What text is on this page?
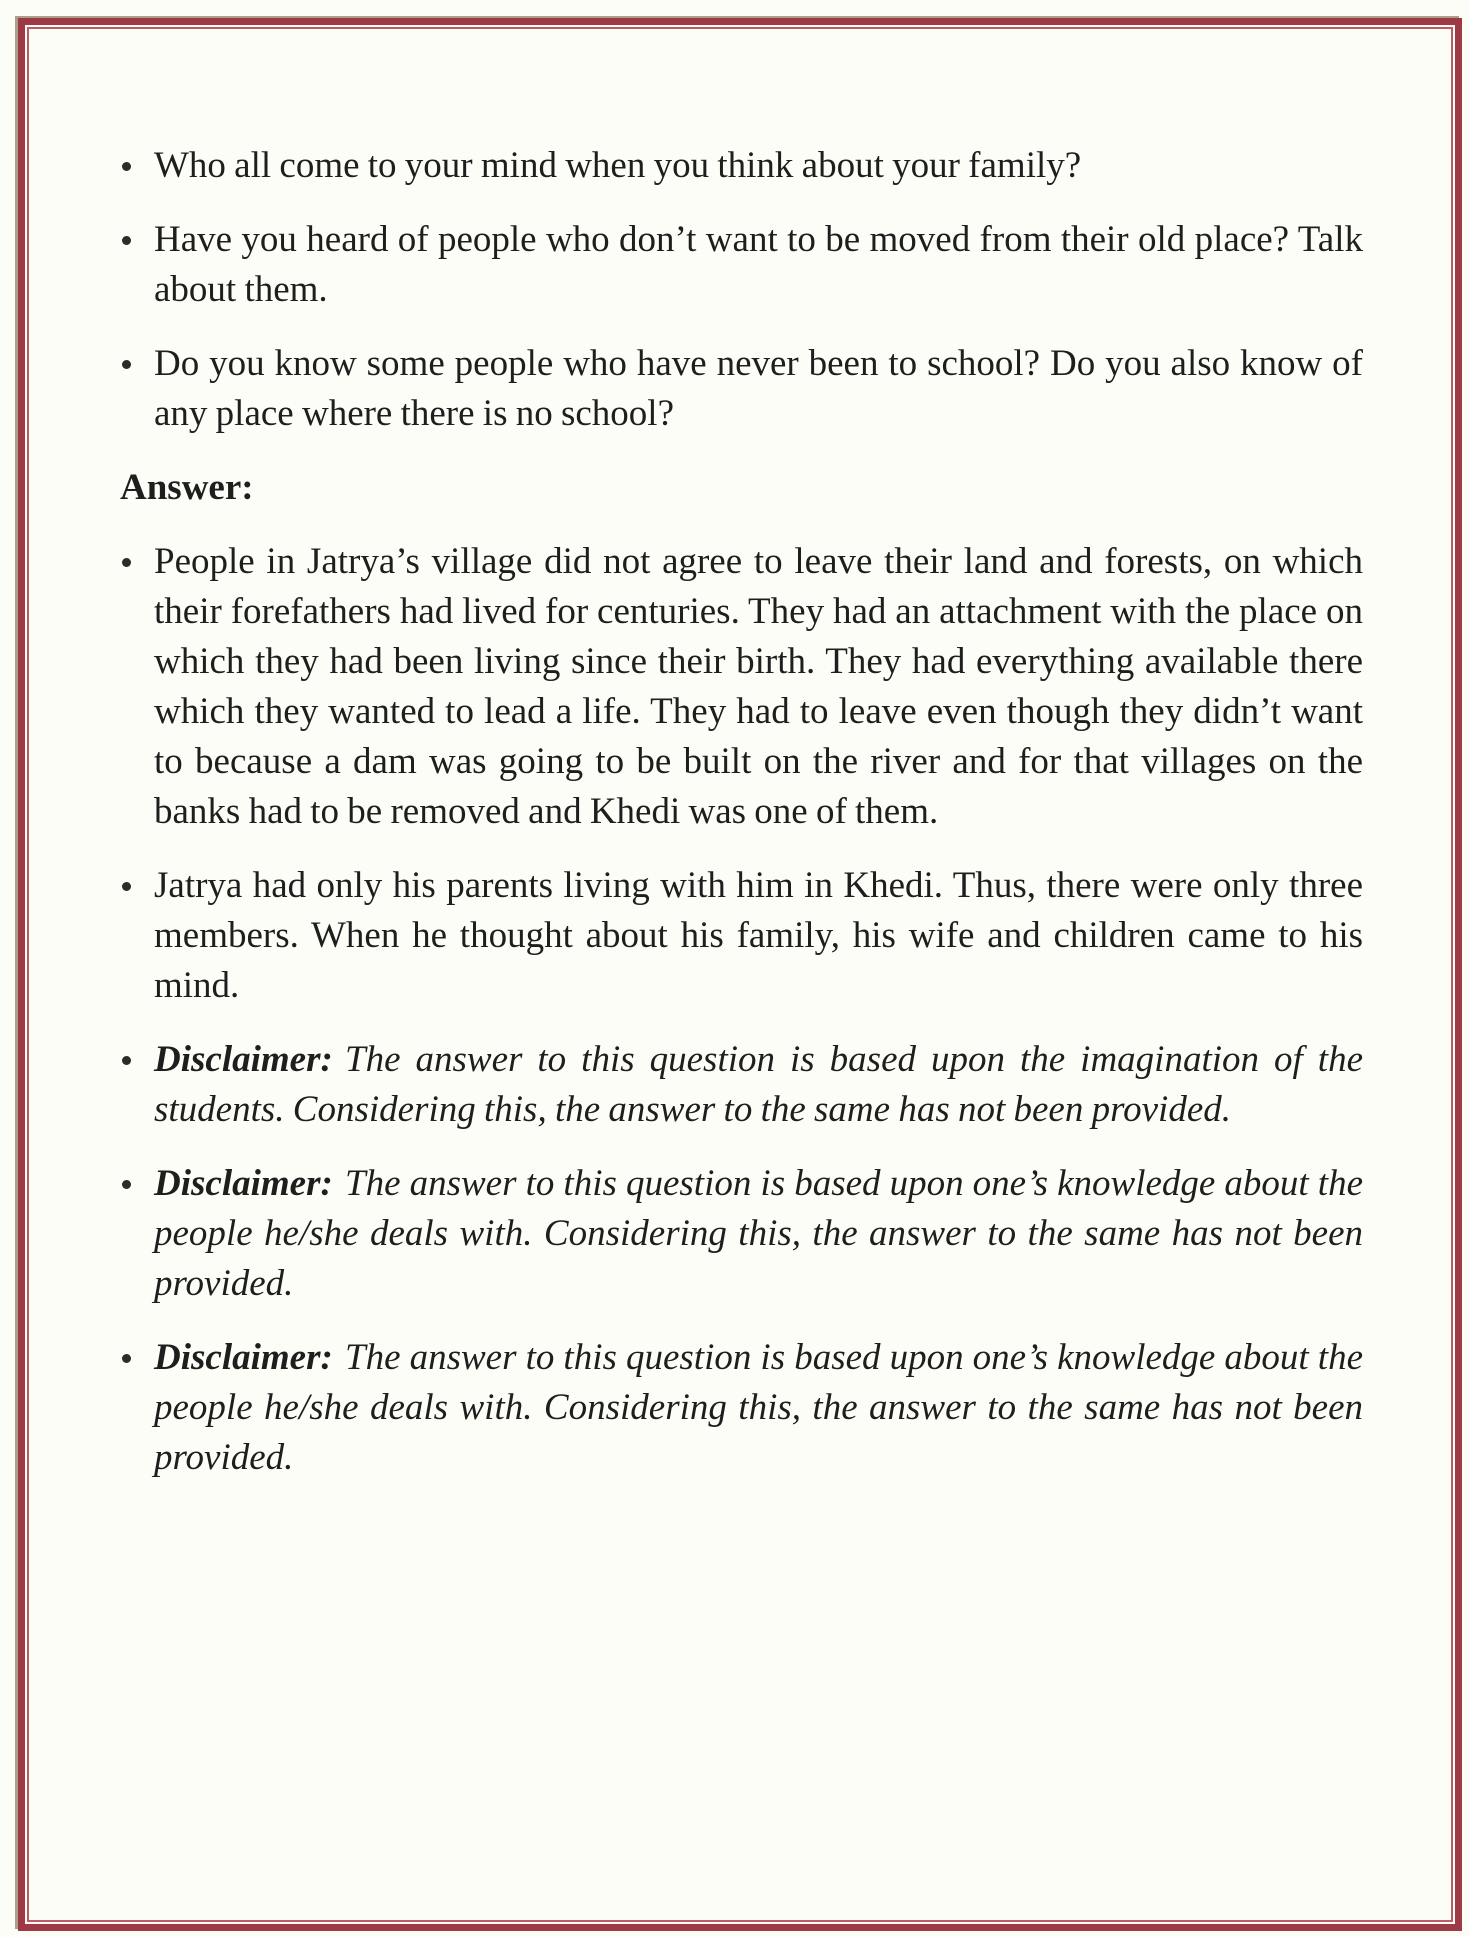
Who all come to your mind when you think about your family?
Have you heard of people who don’t want to be moved from their old place? Talk about them.
Do you know some people who have never been to school? Do you also know of any place where there is no school?

Answer:

People in Jatrya’s village did not agree to leave their land and forests, on which their forefathers had lived for centuries. They had an attachment with the place on which they had been living since their birth. They had everything available there which they wanted to lead a life. They had to leave even though they didn’t want to because a dam was going to be built on the river and for that villages on the banks had to be removed and Khedi was one of them.
Jatrya had only his parents living with him in Khedi. Thus, there were only three members. When he thought about his family, his wife and children came to his mind.
Disclaimer: The answer to this question is based upon the imagination of the students. Considering this, the answer to the same has not been provided.
Disclaimer: The answer to this question is based upon one’s knowledge about the people he/she deals with. Considering this, the answer to the same has not been provided.
Disclaimer: The answer to this question is based upon one’s knowledge about the people he/she deals with. Considering this, the answer to the same has not been provided.
